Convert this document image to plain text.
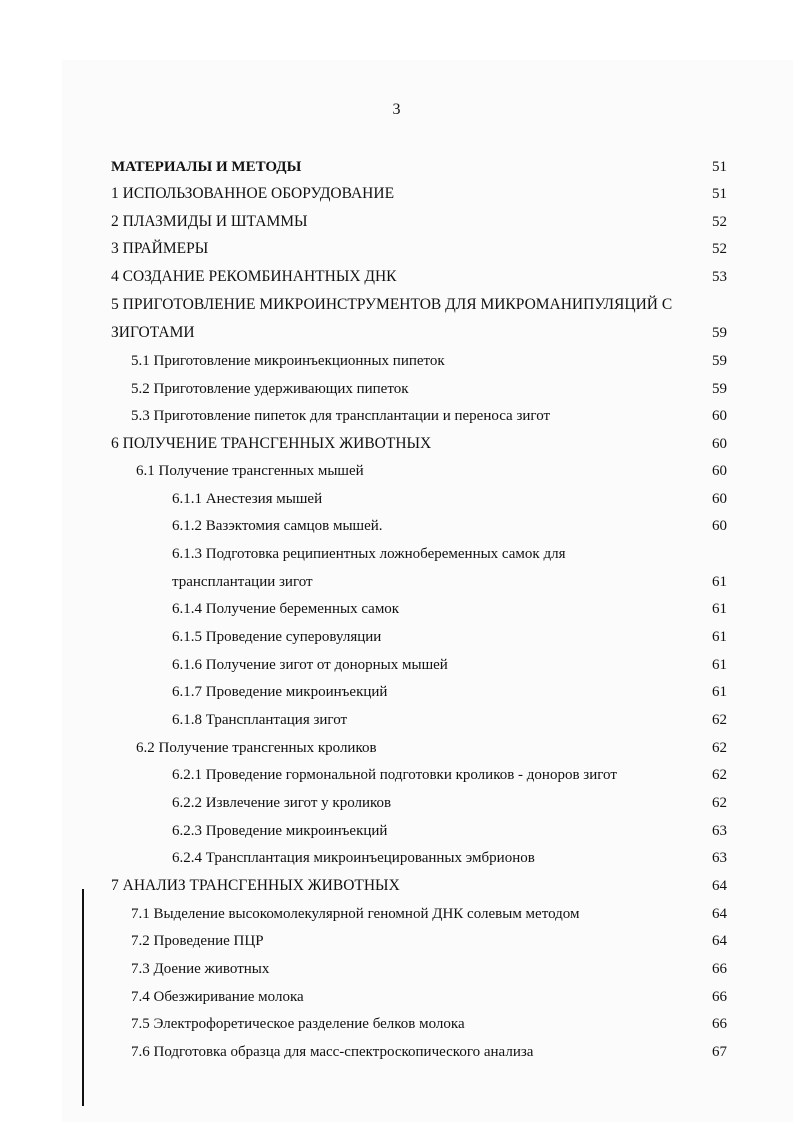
3
МАТЕРИАЛЫ И МЕТОДЫ
1 ИСПОЛЬЗОВАННОЕ ОБОРУДОВАНИЕ
2 ПЛАЗМИДЫ И ШТАММЫ
3 ПРАЙМЕРЫ
4 СОЗДАНИЕ РЕКОМБИНАНТНЫХ ДНК
5 ПРИГОТОВЛЕНИЕ МИКРОИНСТРУМЕНТОВ ДЛЯ МИКРОМАНИПУЛЯЦИЙ С
ЗИГОТАМИ
5.1 Приготовление микроинъекционных пипеток
5.2 Приготовление удерживающих пипеток
5.3 Приготовление пипеток для трансплантации и переноса зигот
6 ПОЛУЧЕНИЕ ТРАНСГЕННЫХ ЖИВОТНЫХ
6.1 Получение трансгенных мышей
6.1.1 Анестезия мышей
6.1.2 Вазэктомия самцов мышей.
6.1.3 Подготовка реципиентных ложнобеременных самок для
трансплантации зигот
6.1.4 Получение беременных самок
6.1.5 Проведение суперовуляции
6.1.6 Получение зигот от донорных мышей
6.1.7 Проведение микроинъекций
6.1.8 Трансплантация зигот
6.2 Получение трансгенных кроликов
6.2.1 Проведение гормональной подготовки кроликов - доноров зигот
6.2.2 Извлечение зигот у кроликов
6.2.3 Проведение микроинъекций
6.2.4 Трансплантация микроинъецированных эмбрионов
7 АНАЛИЗ ТРАНСГЕННЫХ ЖИВОТНЫХ
7.1 Выделение высокомолекулярной геномной ДНК солевым методом
7.2 Проведение ПЦР
7.3 Доение животных
7.4 Обезжиривание молока
7.5 Электрофоретическое разделение белков молока
7.6 Подготовка образца для масс-спектроскопического анализа
51
51
52
52
53
59
59
59
60
60
60
60
60
61
61
61
61
61
62
62
62
62
63
63
64
64
64
66
66
66
67
